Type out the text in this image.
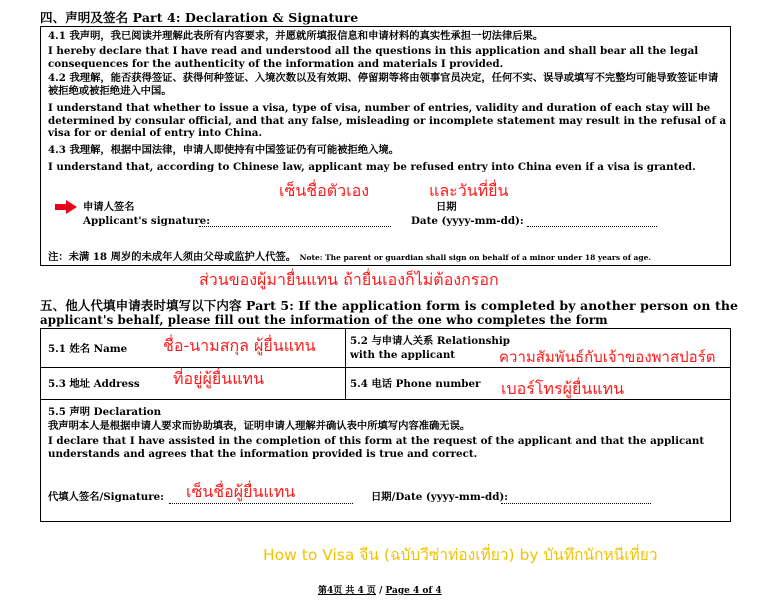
四、声明及签名 Part 4: Declaration & Signature
4.1 我声明，我已阅读并理解此表所有内容要求，并愿就所填报信息和申请材料的真实性承担一切法律后果。
I hereby declare that I have read and understood all the questions in this application and shall bear all the legal consequences for the authenticity of the information and materials I provided.
4.2 我理解，能否获得签证、获得何种签证、入境次数以及有效期、停留期等将由领事官员决定，任何不实、误导或填写不完整均可能导致签证申请被拒绝或被拒绝进入中国。
I understand that whether to issue a visa, type of visa, number of entries, validity and duration of each stay will be determined by consular official, and that any false, misleading or incomplete statement may result in the refusal of a visa for or denial of entry into China.
4.3 我理解，根据中国法律，申请人即使持有中国签证仍有可能被拒绝入境。
I understand that, according to Chinese law, applicant may be refused entry into China even if a visa is granted.
เซ็นชื่อตัวเอง	และวันที่ยื่น
申请人签名
Applicant's signature:
日期
Date (yyyy-mm-dd):
注：未满 18 周岁的未成年人须由父母或监护人代签。 Note: The parent or guardian shall sign on behalf of a minor under 18 years of age.
ส่วนของผู้มายื่นแทน ถ้ายื่นเองก็ไม่ต้องกรอก
五、他人代填申请表时填写以下内容 Part 5: If the application form is completed by another person on the
applicant's behalf, please fill out the information of the one who completes the form
5.1 姓名 Name ชื่อ-นามสกุล ผู้ยื่นแทน	5.2 与申请人关系 Relationship
with the applicant	ความสัมพันธ์กับเจ้าของพาสปอร์ต
5.3 地址 Address ที่อยู่ผู้ยื่นแทน	5.4 电话 Phone number เบอร์โทรผู้ยื่นแทน
5.5 声明 Declaration
我声明本人是根据申请人要求而协助填表，证明申请人理解并确认表中所填写内容准确无误。
I declare that I have assisted in the completion of this form at the request of the applicant and that the applicant understands and agrees that the information provided is true and correct.
代填人签名/Signature: เซ็นชื่อผู้ยื่นแทน	日期/Date (yyyy-mm-dd):
How to Visa จีน (ฉบับวีซ่าท่องเที่ยว) by บันทึกนักหนีเที่ยว
第4页 共 4 页 / Page 4 of 4
